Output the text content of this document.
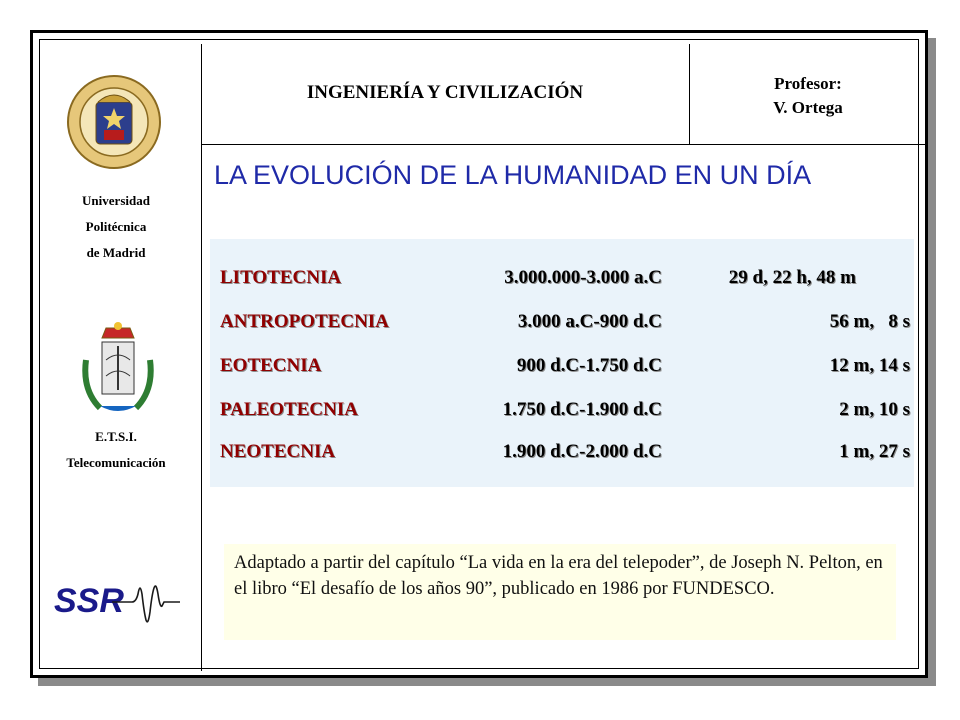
Universidad
Politécnica
de Madrid
E.T.S.I.
Telecomunicación
SSR
INGENIERÍA Y CIVILIZACIÓN	Profesor:
V. Ortega
LA EVOLUCIÓN DE LA HUMANIDAD EN UN DÍA
LITOTECNIA	3.000.000-3.000 a.C	29 d, 22 h, 48 m
ANTROPOTECNIA	3.000 a.C-900 d.C	56 m,   8 s
EOTECNIA	900 d.C-1.750 d.C	12 m, 14 s
PALEOTECNIA	1.750 d.C-1.900 d.C	2 m, 10 s
NEOTECNIA	1.900 d.C-2.000 d.C	1 m, 27 s
Adaptado a partir del capítulo “La vida en la era del telepoder”, de Joseph N. Pelton, en el libro “El desafío de los años 90”, publicado en 1986 por FUNDESCO.
